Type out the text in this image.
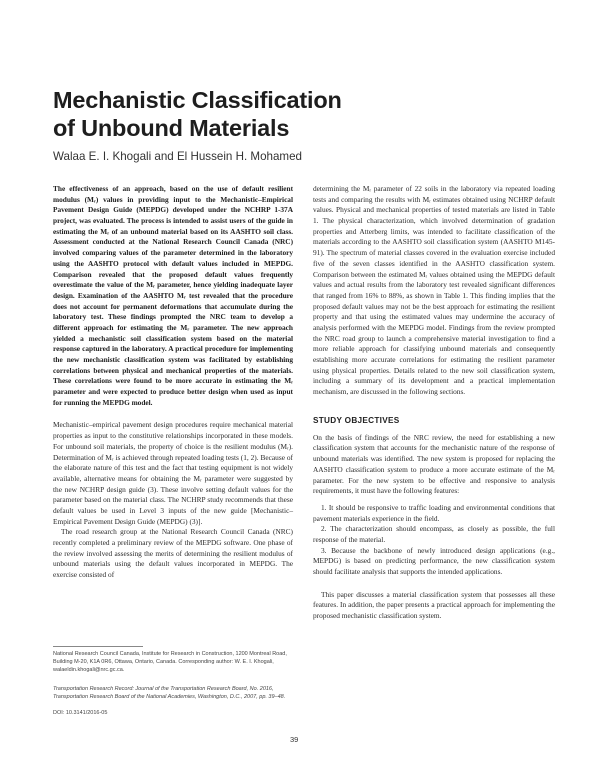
Mechanistic Classification
of Unbound Materials
Walaa E. I. Khogali and El Hussein H. Mohamed

The effectiveness of an approach, based on the use of default resilient modulus (Mᵣ) values in providing input to the Mechanistic–Empirical Pavement Design Guide (MEPDG) developed under the NCHRP 1-37A project, was evaluated. The process is intended to assist users of the guide in estimating the Mᵣ of an unbound material based on its AASHTO soil class. Assessment conducted at the National Research Council Canada (NRC) involved comparing values of the parameter determined in the laboratory using the AASHTO protocol with default values included in MEPDG. Comparison revealed that the proposed default values frequently overestimate the value of the Mᵣ parameter, hence yielding inadequate layer design. Examination of the AASHTO Mᵣ test revealed that the procedure does not account for permanent deformations that accumulate during the laboratory test. These findings prompted the NRC team to develop a different approach for estimating the Mᵣ parameter. The new approach yielded a mechanistic soil classification system based on the material response captured in the laboratory. A practical procedure for implementing the new mechanistic classification system was facilitated by establishing correlations between physical and mechanical properties of the materials. These correlations were found to be more accurate in estimating the Mᵣ parameter and were expected to produce better design when used as input for running the MEPDG model.

Mechanistic–empirical pavement design procedures require mechanical material properties as input to the constitutive relationships incorporated in these models. For unbound soil materials, the property of choice is the resilient modulus (Mᵣ). Determination of Mᵣ is achieved through repeated loading tests (1, 2). Because of the elaborate nature of this test and the fact that testing equipment is not widely available, alternative means for obtaining the Mᵣ parameter were suggested by the new NCHRP design guide (3). These involve setting default values for the parameter based on the material class. The NCHRP study recommends that these default values be used in Level 3 inputs of the new guide [Mechanistic–Empirical Pavement Design Guide (MEPDG) (3)].

The road research group at the National Research Council Canada (NRC) recently completed a preliminary review of the MEPDG software. One phase of the review involved assessing the merits of determining the resilient modulus of unbound materials using the default values incorporated in MEPDG. The exercise consisted of

determining the Mᵣ parameter of 22 soils in the laboratory via repeated loading tests and comparing the results with Mᵣ estimates obtained using NCHRP default values. Physical and mechanical properties of tested materials are listed in Table 1. The physical characterization, which involved determination of gradation properties and Atterberg limits, was intended to facilitate classification of the materials according to the AASHTO soil classification system (AASHTO M145-91). The spectrum of material classes covered in the evaluation exercise included five of the seven classes identified in the AASHTO classification system. Comparison between the estimated Mᵣ values obtained using the MEPDG default values and actual results from the laboratory test revealed significant differences that ranged from 16% to 88%, as shown in Table 1. This finding implies that the proposed default values may not be the best approach for estimating the resilient property and that using the estimated values may undermine the accuracy of analysis performed with the MEPDG model. Findings from the review prompted the NRC road group to launch a comprehensive material investigation to find a more reliable approach for classifying unbound materials and consequently establishing more accurate correlations for estimating the resilient parameter using physical properties. Details related to the new soil classification system, including a summary of its development and a practical implementation mechanism, are discussed in the following sections.

STUDY OBJECTIVES

On the basis of findings of the NRC review, the need for establishing a new classification system that accounts for the mechanistic nature of the response of unbound materials was identified. The new system is proposed for replacing the AASHTO classification system to produce a more accurate estimate of the Mᵣ parameter. For the new system to be effective and responsive to analysis requirements, it must have the following features:

1. It should be responsive to traffic loading and environmental conditions that pavement materials experience in the field.

2. The characterization should encompass, as closely as possible, the full response of the material.

3. Because the backbone of newly introduced design applications (e.g., MEPDG) is based on predicting performance, the new classification system should facilitate analysis that supports the intended applications.

This paper discusses a material classification system that possesses all these features. In addition, the paper presents a practical approach for implementing the proposed mechanistic classification system.

National Research Council Canada, Institute for Research in Construction, 1200 Montreal Road, Building M-20, K1A 0R6, Ottawa, Ontario, Canada. Corresponding author: W. E. I. Khogali, walaeldin.khogali@nrc.gc.ca.

Transportation Research Record: Journal of the Transportation Research Board, No. 2016, Transportation Research Board of the National Academies, Washington, D.C., 2007, pp. 39–48.

DOI: 10.3141/2016-05

39
